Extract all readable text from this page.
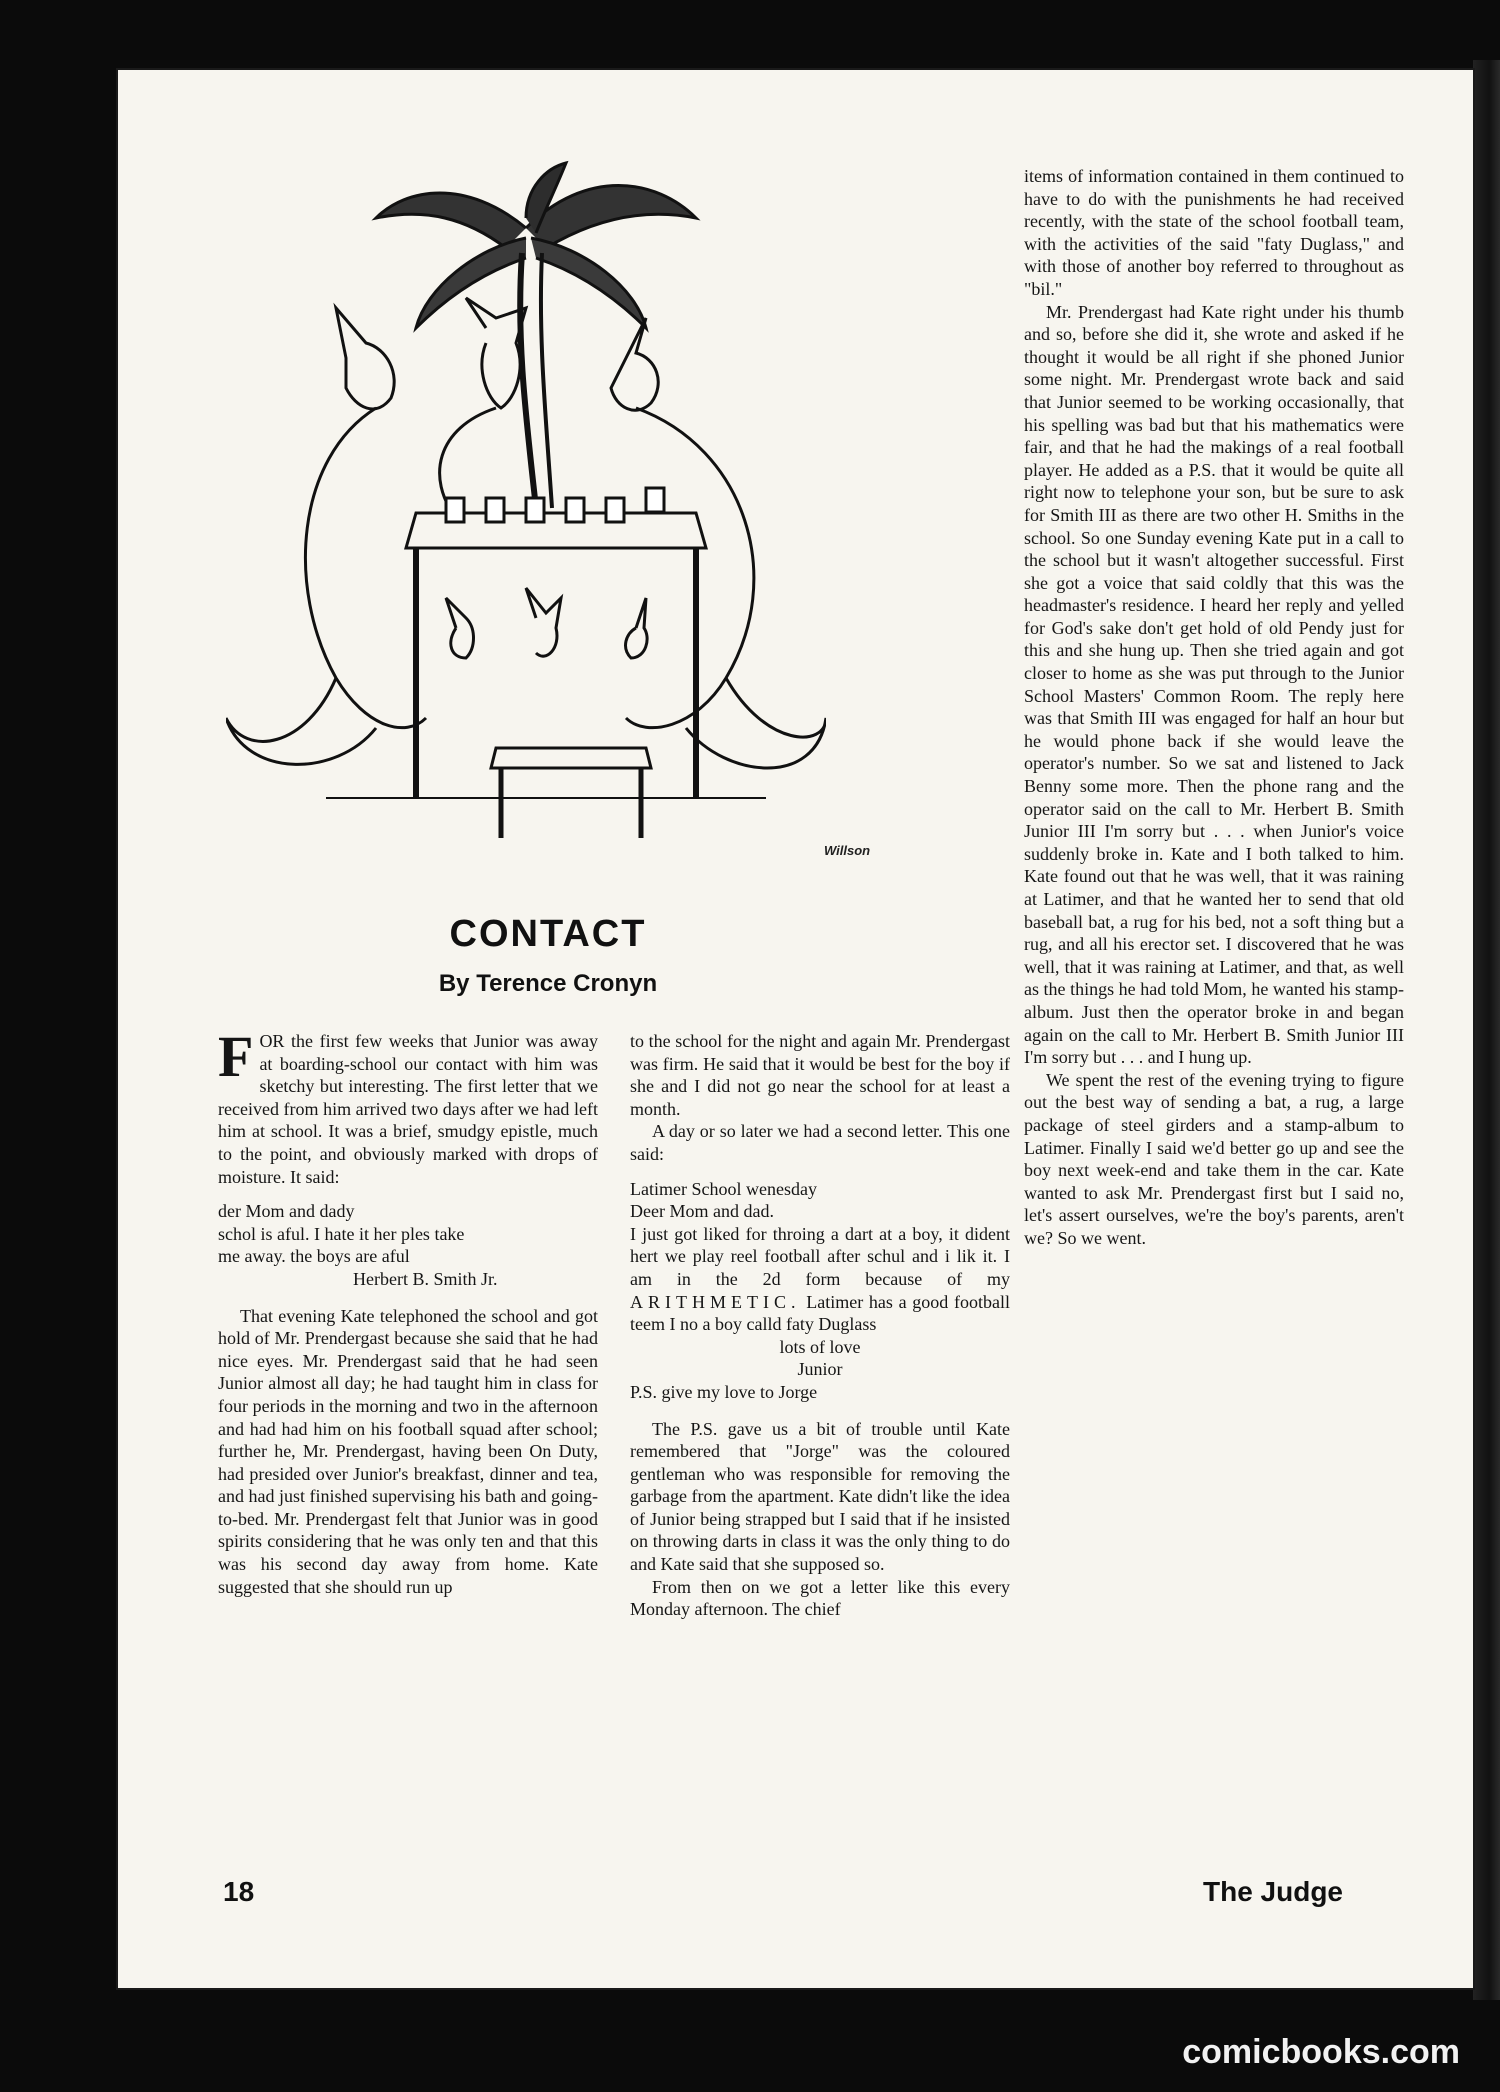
Willson
CONTACT
By Terence Cronyn

FOR the first few weeks that Junior was away at boarding-school our contact with him was sketchy but interesting. The first letter that we received from him arrived two days after we had left him at school. It was a brief, smudgy epistle, much to the point, and obviously marked with drops of moisture. It said:

der Mom and dady
schol is aful. I hate it her ples take
me away. the boys are aful
Herbert B. Smith Jr.

That evening Kate telephoned the school and got hold of Mr. Prendergast because she said that he had nice eyes. Mr. Prendergast said that he had seen Junior almost all day; he had taught him in class for four periods in the morning and two in the afternoon and had had him on his football squad after school; further he, Mr. Prendergast, having been On Duty, had presided over Junior's breakfast, dinner and tea, and had just finished supervising his bath and going-to-bed. Mr. Prendergast felt that Junior was in good spirits considering that he was only ten and that this was his second day away from home. Kate suggested that she should run up

to the school for the night and again Mr. Prendergast was firm. He said that it would be best for the boy if she and I did not go near the school for at least a month.

A day or so later we had a second letter. This one said:

Latimer School wenesday
Deer Mom and dad.
I just got liked for throing a dart at a boy, it dident hert we play reel football after schul and i lik it. I am in the 2d form because of my ARITHMETIC. Latimer has a good football teem I no a boy calld faty Duglass
lots of love
Junior
P.S. give my love to Jorge

The P.S. gave us a bit of trouble until Kate remembered that "Jorge" was the coloured gentleman who was responsible for removing the garbage from the apartment. Kate didn't like the idea of Junior being strapped but I said that if he insisted on throwing darts in class it was the only thing to do and Kate said that she supposed so.

From then on we got a letter like this every Monday afternoon. The chief

items of information contained in them continued to have to do with the punishments he had received recently, with the state of the school football team, with the activities of the said "faty Duglass," and with those of another boy referred to throughout as "bil."

Mr. Prendergast had Kate right under his thumb and so, before she did it, she wrote and asked if he thought it would be all right if she phoned Junior some night. Mr. Prendergast wrote back and said that Junior seemed to be working occasionally, that his spelling was bad but that his mathematics were fair, and that he had the makings of a real football player. He added as a P.S. that it would be quite all right now to telephone your son, but be sure to ask for Smith III as there are two other H. Smiths in the school. So one Sunday evening Kate put in a call to the school but it wasn't altogether successful. First she got a voice that said coldly that this was the headmaster's residence. I heard her reply and yelled for God's sake don't get hold of old Pendy just for this and she hung up. Then she tried again and got closer to home as she was put through to the Junior School Masters' Common Room. The reply here was that Smith III was engaged for half an hour but he would phone back if she would leave the operator's number. So we sat and listened to Jack Benny some more. Then the phone rang and the operator said on the call to Mr. Herbert B. Smith Junior III I'm sorry but . . . when Junior's voice suddenly broke in. Kate and I both talked to him. Kate found out that he was well, that it was raining at Latimer, and that he wanted her to send that old baseball bat, a rug for his bed, not a soft thing but a rug, and all his erector set. I discovered that he was well, that it was raining at Latimer, and that, as well as the things he had told Mom, he wanted his stamp-album. Just then the operator broke in and began again on the call to Mr. Herbert B. Smith Junior III I'm sorry but . . . and I hung up.

We spent the rest of the evening trying to figure out the best way of sending a bat, a rug, a large package of steel girders and a stamp-album to Latimer. Finally I said we'd better go up and see the boy next week-end and take them in the car. Kate wanted to ask Mr. Prendergast first but I said no, let's assert ourselves, we're the boy's parents, aren't we? So we went.

18	The Judge
comicbooks.com
